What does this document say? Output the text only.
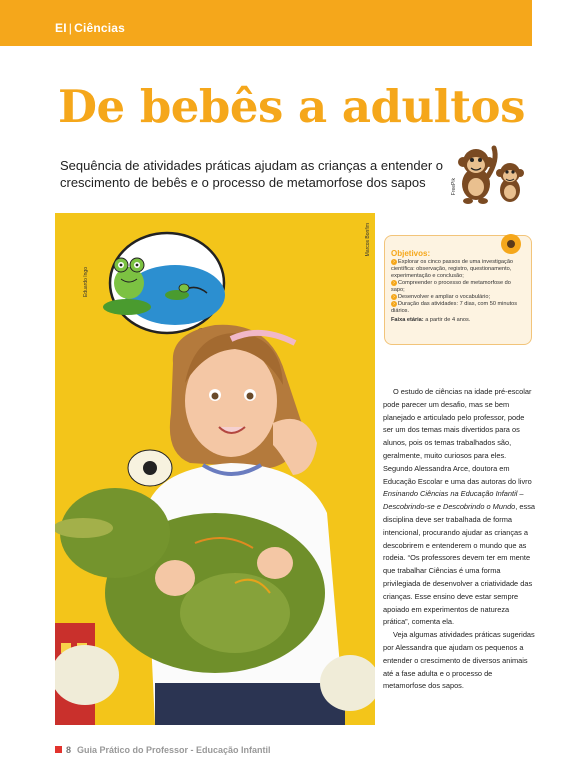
EI | Ciências
De bebês a adultos
Sequência de atividades práticas ajudam as crianças a entender o crescimento de bebês e o processo de metamorfose dos sapos	FreePik
Eduardo Ingo
Marcos Bonfim	Objetivos:
› Explorar os cinco passos de uma investigação científica: observação, registro, questionamento, experimentação e conclusão;
› Compreender o processo de metamorfose do sapo;
› Desenvolver e ampliar o vocabulário;
› Duração das atividades: 7 dias, com 50 minutos diários.
Faixa etária: a partir de 4 anos.

O estudo de ciências na idade pré-escolar pode parecer um desafio, mas se bem planejado e articulado pelo professor, pode ser um dos temas mais divertidos para os alunos, pois os temas trabalhados são, geralmente, muito curiosos para eles. Segundo Alessandra Arce, doutora em Educação Escolar e uma das autoras do livro Ensinando Ciências na Educação Infantil – Descobrindo-se e Descobrindo o Mundo, essa disciplina deve ser trabalhada de forma intencional, procurando ajudar as crianças a descobrirem e entenderem o mundo que as rodeia. “Os professores devem ter em mente que trabalhar Ciências é uma forma privilegiada de desenvolver a criatividade das crianças. Esse ensino deve estar sempre apoiado em experimentos de natureza prática”, comenta ela.

Veja algumas atividades práticas sugeridas por Alessandra que ajudam os pequenos a entender o crescimento de diversos animais até a fase adulta e o processo de metamorfose dos sapos.

8 Guia Prático do Professor - Educação Infantil
